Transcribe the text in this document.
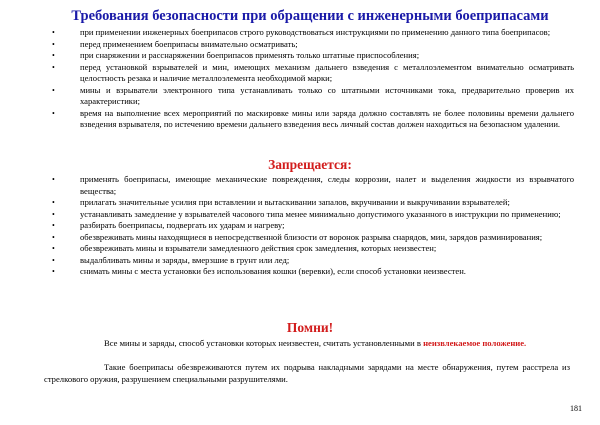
Требования безопасности при обращении с инженерными боеприпасами
•	при применении инженерных боеприпасов строго руководствоваться инструкциями по применению данного типа боеприпасов;
•	перед применением боеприпасы внимательно осматривать;
•	при снаряжении и расснаряжении боеприпасов применять только штатные приспособления;
•	перед установкой взрывателей и мин, имеющих механизм дальнего взведения с металлоэлементом внимательно осматривать целостность резака и наличие металлоэлемента необходимой марки;
•	мины и взрыватели электронного типа устанавливать только со штатными источниками тока, предварительно проверив их характеристики;
•	время на выполнение всех мероприятий по маскировке мины или заряда должно составлять не более половины времени дальнего взведения взрывателя, по истечению времени дальнего взведения весь личный состав должен находиться на безопасном удалении.
Запрещается:
•	применять боеприпасы, имеющие механические повреждения, следы коррозии, налет и выделения жидкости из взрывчатого вещества;
•	прилагать значительные усилия при вставлении и вытаскивании запалов, вкручивании и выкручивании взрывателей;
•	устанавливать замедление у взрывателей часового типа менее минимально допустимого указанного в инструкции по применению;
•	разбирать боеприпасы, подвергать их ударам и нагреву;
•	обезвреживать мины находящиеся в непосредственной близости от воронок разрыва снарядов, мин, зарядов разминирования;
•	обезвреживать мины и взрыватели замедленного действия срок замедления, которых неизвестен;
•	выдалбливать мины и заряды, вмерзшие в грунт или лед;
•	снимать мины с места установки без использования кошки (веревки), если способ установки неизвестен.
Помни!

Все мины и заряды, способ установки которых неизвестен, считать установленными в неизвлекаемое положение.

Такие боеприпасы обезвреживаются путем их подрыва накладными зарядами на месте обнаружения, путем расстрела из стрелкового оружия, разрушением специальными разрушителями.

181
